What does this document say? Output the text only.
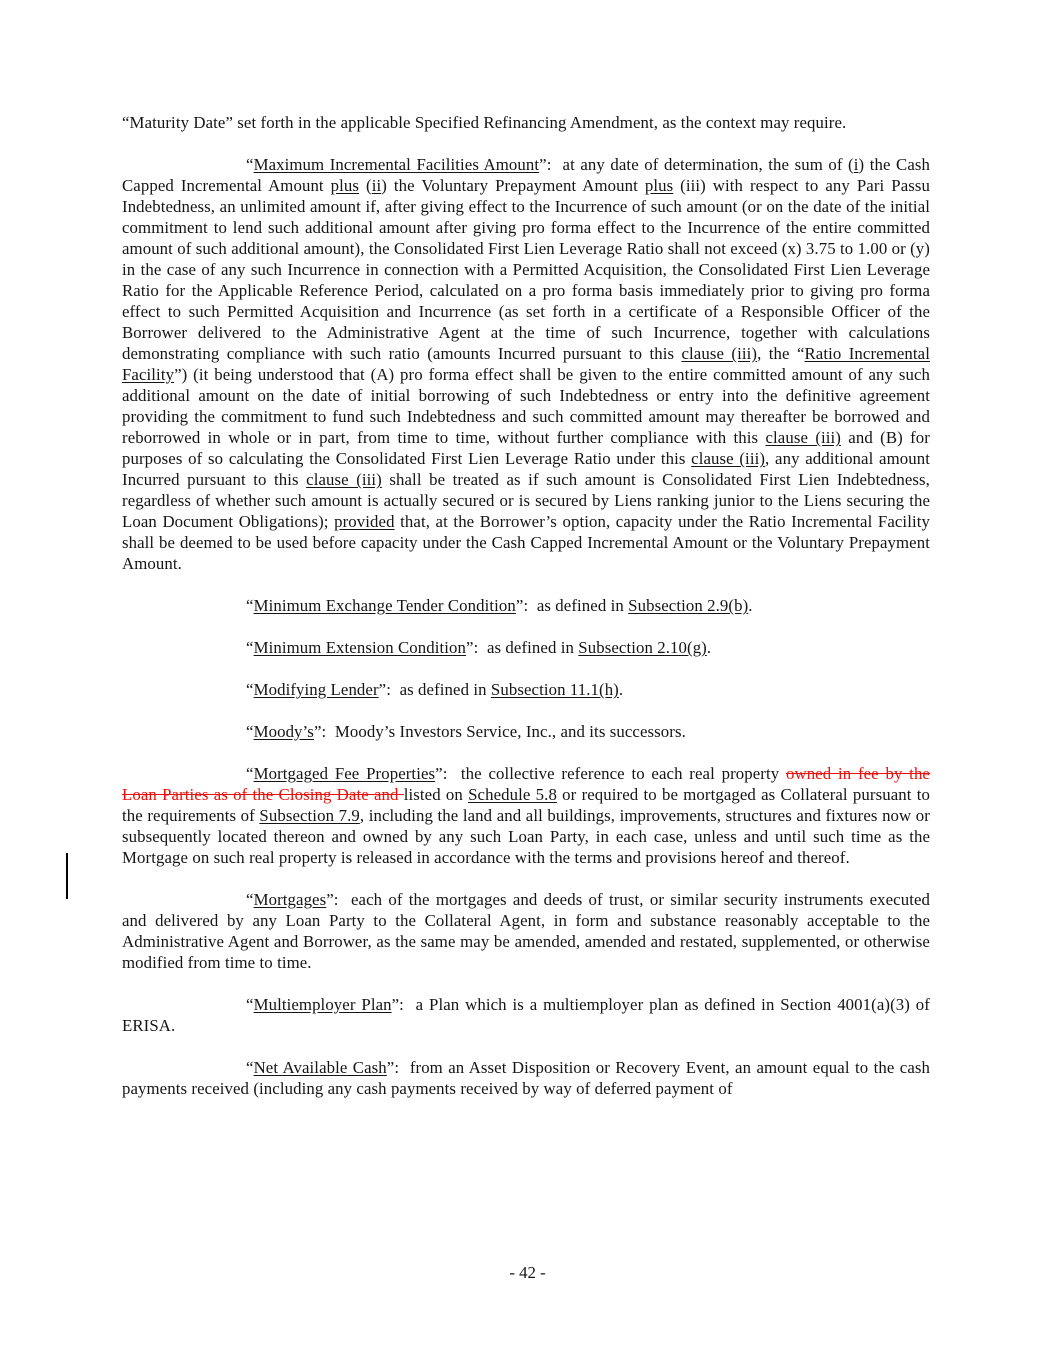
“Maturity Date” set forth in the applicable Specified Refinancing Amendment, as the context may require.

“Maximum Incremental Facilities Amount”:  at any date of determination, the sum of (i) the Cash Capped Incremental Amount plus (ii) the Voluntary Prepayment Amount plus (iii) with respect to any Pari Passu Indebtedness, an unlimited amount if, after giving effect to the Incurrence of such amount (or on the date of the initial commitment to lend such additional amount after giving pro forma effect to the Incurrence of the entire committed amount of such additional amount), the Consolidated First Lien Leverage Ratio shall not exceed (x) 3.75 to 1.00 or (y) in the case of any such Incurrence in connection with a Permitted Acquisition, the Consolidated First Lien Leverage Ratio for the Applicable Reference Period, calculated on a pro forma basis immediately prior to giving pro forma effect to such Permitted Acquisition and Incurrence (as set forth in a certificate of a Responsible Officer of the Borrower delivered to the Administrative Agent at the time of such Incurrence, together with calculations demonstrating compliance with such ratio (amounts Incurred pursuant to this clause (iii), the “Ratio Incremental Facility”) (it being understood that (A) pro forma effect shall be given to the entire committed amount of any such additional amount on the date of initial borrowing of such Indebtedness or entry into the definitive agreement providing the commitment to fund such Indebtedness and such committed amount may thereafter be borrowed and reborrowed in whole or in part, from time to time, without further compliance with this clause (iii) and (B) for purposes of so calculating the Consolidated First Lien Leverage Ratio under this clause (iii), any additional amount Incurred pursuant to this clause (iii) shall be treated as if such amount is Consolidated First Lien Indebtedness, regardless of whether such amount is actually secured or is secured by Liens ranking junior to the Liens securing the Loan Document Obligations); provided that, at the Borrower’s option, capacity under the Ratio Incremental Facility shall be deemed to be used before capacity under the Cash Capped Incremental Amount or the Voluntary Prepayment Amount.

“Minimum Exchange Tender Condition”:  as defined in Subsection 2.9(b).

“Minimum Extension Condition”:  as defined in Subsection 2.10(g).

“Modifying Lender”:  as defined in Subsection 11.1(h).

“Moody’s”:  Moody’s Investors Service, Inc., and its successors.

“Mortgaged Fee Properties”:  the collective reference to each real property owned in fee by the Loan Parties as of the Closing Date and listed on Schedule 5.8 or required to be mortgaged as Collateral pursuant to the requirements of Subsection 7.9, including the land and all buildings, improvements, structures and fixtures now or subsequently located thereon and owned by any such Loan Party, in each case, unless and until such time as the Mortgage on such real property is released in accordance with the terms and provisions hereof and thereof.

“Mortgages”:  each of the mortgages and deeds of trust, or similar security instruments executed and delivered by any Loan Party to the Collateral Agent, in form and substance reasonably acceptable to the Administrative Agent and Borrower, as the same may be amended, amended and restated, supplemented, or otherwise modified from time to time.

“Multiemployer Plan”:  a Plan which is a multiemployer plan as defined in Section 4001(a)(3) of ERISA.

“Net Available Cash”:  from an Asset Disposition or Recovery Event, an amount equal to the cash payments received (including any cash payments received by way of deferred payment of

- 42 -
